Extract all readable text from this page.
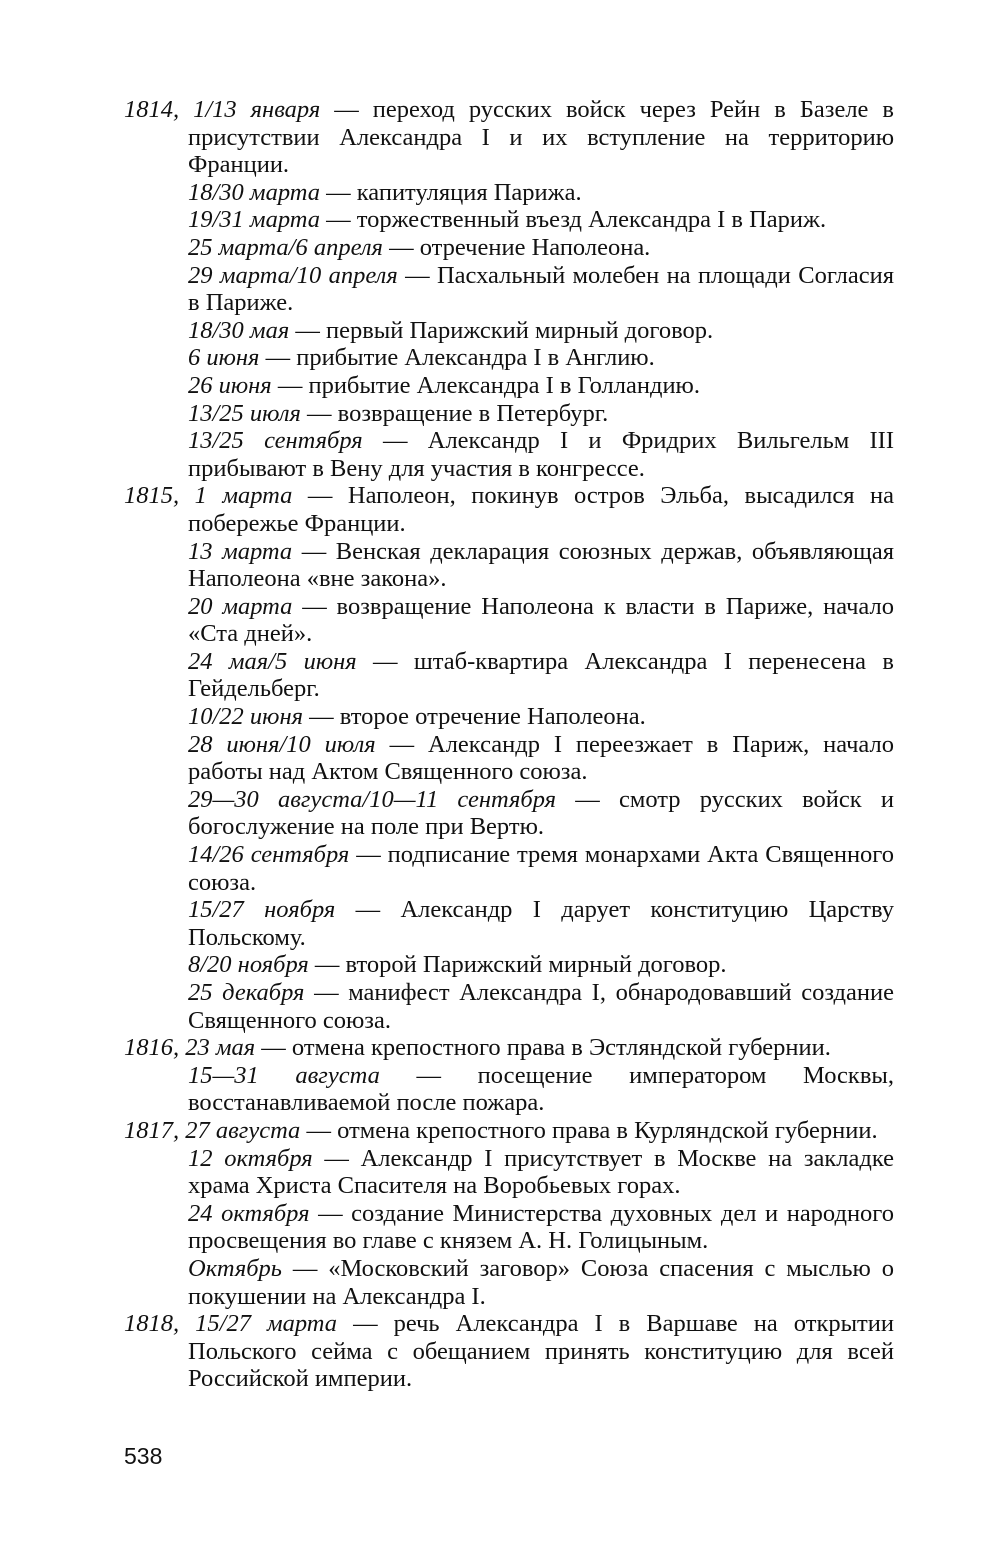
1814, 1/13 января — переход русских войск через Рейн в Базеле в присутствии Александра I и их вступление на территорию Франции.

18/30 марта — капитуляция Парижа.

19/31 марта — торжественный въезд Александра I в Париж.

25 марта/6 апреля — отречение Наполеона.

29 марта/10 апреля — Пасхальный молебен на площади Согласия в Париже.

18/30 мая — первый Парижский мирный договор.

6 июня — прибытие Александра I в Англию.

26 июня — прибытие Александра I в Голландию.

13/25 июля — возвращение в Петербург.

13/25 сентября — Александр I и Фридрих Вильгельм III прибывают в Вену для участия в конгрессе.

1815, 1 марта — Наполеон, покинув остров Эльба, высадился на побережье Франции.

13 марта — Венская декларация союзных держав, объявляющая Наполеона «вне закона».

20 марта — возвращение Наполеона к власти в Париже, начало «Ста дней».

24 мая/5 июня — штаб-квартира Александра I перенесена в Гейдельберг.

10/22 июня — второе отречение Наполеона.

28 июня/10 июля — Александр I переезжает в Париж, начало работы над Актом Священного союза.

29—30 августа/10—11 сентября — смотр русских войск и богослужение на поле при Вертю.

14/26 сентября — подписание тремя монархами Акта Священного союза.

15/27 ноября — Александр I дарует конституцию Царству Польскому.

8/20 ноября — второй Парижский мирный договор.

25 декабря — манифест Александра I, обнародовавший создание Священного союза.

1816, 23 мая — отмена крепостного права в Эстляндской губернии.

15—31 августа — посещение императором Москвы, восстанавливаемой после пожара.

1817, 27 августа — отмена крепостного права в Курляндской губернии.

12 октября — Александр I присутствует в Москве на закладке храма Христа Спасителя на Воробьевых горах.

24 октября — создание Министерства духовных дел и народного просвещения во главе с князем А. Н. Голицыным.

Октябрь — «Московский заговор» Союза спасения с мыслью о покушении на Александра I.

1818, 15/27 марта — речь Александра I в Варшаве на открытии Польского сейма с обещанием принять конституцию для всей Российской империи.

538
